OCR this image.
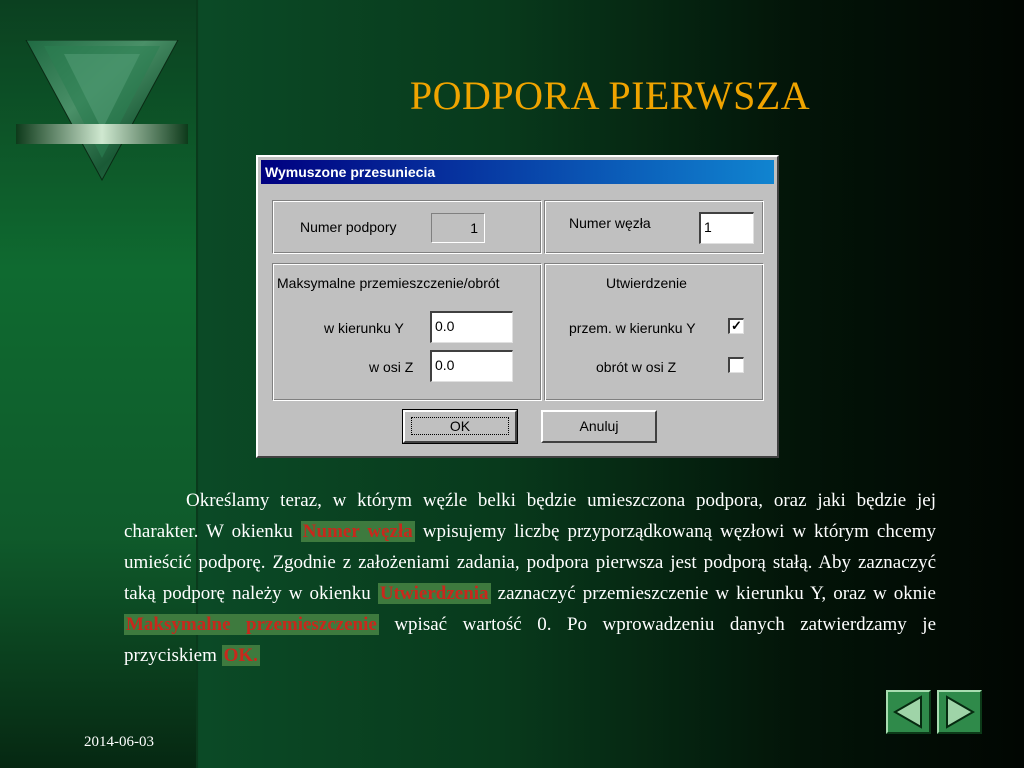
PODPORA PIERWSZA
Wymuszone przesuniecia
Numer podpory	1	Numer węzła	1
Maksymalne przemieszczenie/obrót
w kierunku Y	0.0
w osi Z	0.0
Utwierdzenie
przem. w kierunku Y	✓
obrót w osi Z
OK	Anuluj
Określamy teraz, w którym węźle belki będzie umieszczona podpora, oraz jaki będzie jej charakter. W okienku Numer węzła wpisujemy liczbę przyporządkowaną węzłowi w którym chcemy umieścić podporę. Zgodnie z założeniami zadania, podpora pierwsza jest podporą stałą. Aby zaznaczyć taką podporę należy w okienku Utwierdzenia zaznaczyć przemieszczenie w kierunku Y, oraz w oknie Maksymalne przemieszczenie wpisać wartość 0. Po wprowadzeniu danych zatwierdzamy je przyciskiem OK.
2014-06-03
